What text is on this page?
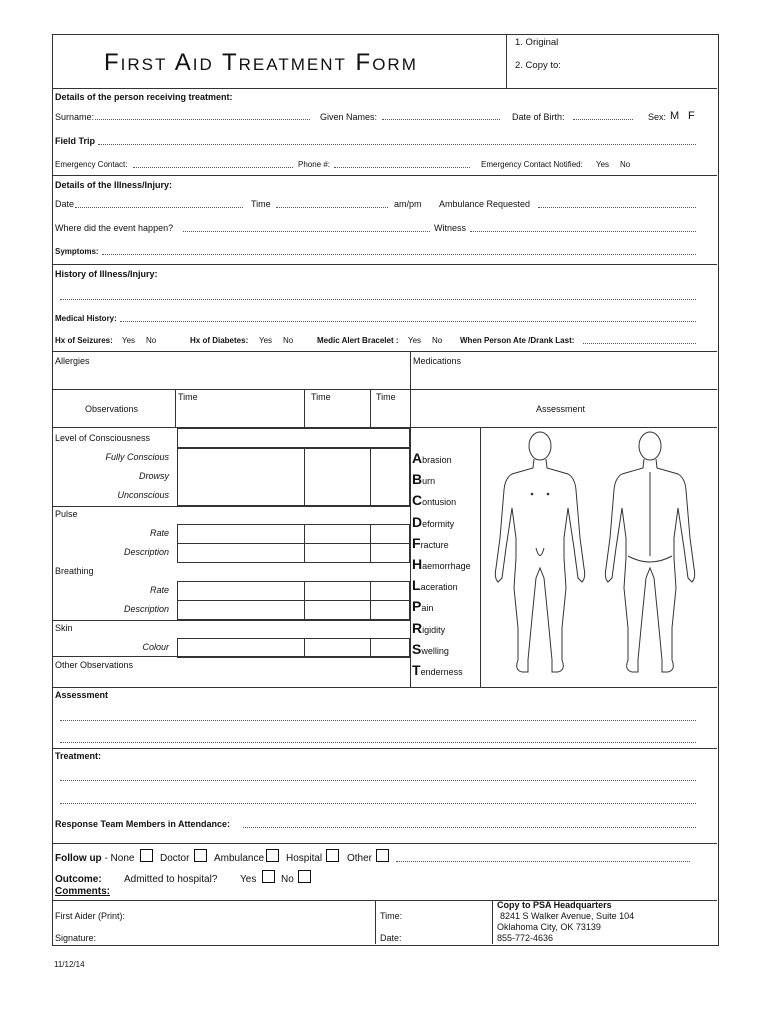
First Aid Treatment Form
1. Original
2. Copy to:
Details of the person receiving treatment:
Surname:	Given Names:	Date of Birth:	Sex: M F
Field Trip
Emergency Contact:	Phone #:	Emergency Contact Notified: Yes No
Details of the Illness/Injury:
Date	Time	am/pm Ambulance Requested
Where did the event happen?	Witness
Symptoms:
History of Illness/Injury:
Medical History:
Hx of Seizures: Yes No	Hx of Diabetes: Yes No	Medic Alert Bracelet : Yes No When Person Ate /Drank Last:
Allergies	Medications
Observations
Time	Time	Time
Assessment
Level of Consciousness
Fully Conscious
Drowsy
Unconscious
Pulse
Rate
Description
Breathing
Rate
Description
Skin
Colour
Other Observations
Abrasion
Burn
Contusion
Deformity
Fracture
Haemorrhage
Laceration
Pain
Rigidity
Swelling
Tenderness
Assessment
Treatment:
Response Team Members in Attendance:
Follow up - None	Doctor Ambulance Hospital Other
Outcome: Admitted to hospital? Yes No
Comments:
First Aider (Print):
Signature:
Time:
Date:
Copy to PSA Headquarters
8241 S Walker Avenue, Suite 104
Oklahoma City, OK 73139
855-772-4636
11/12/14
